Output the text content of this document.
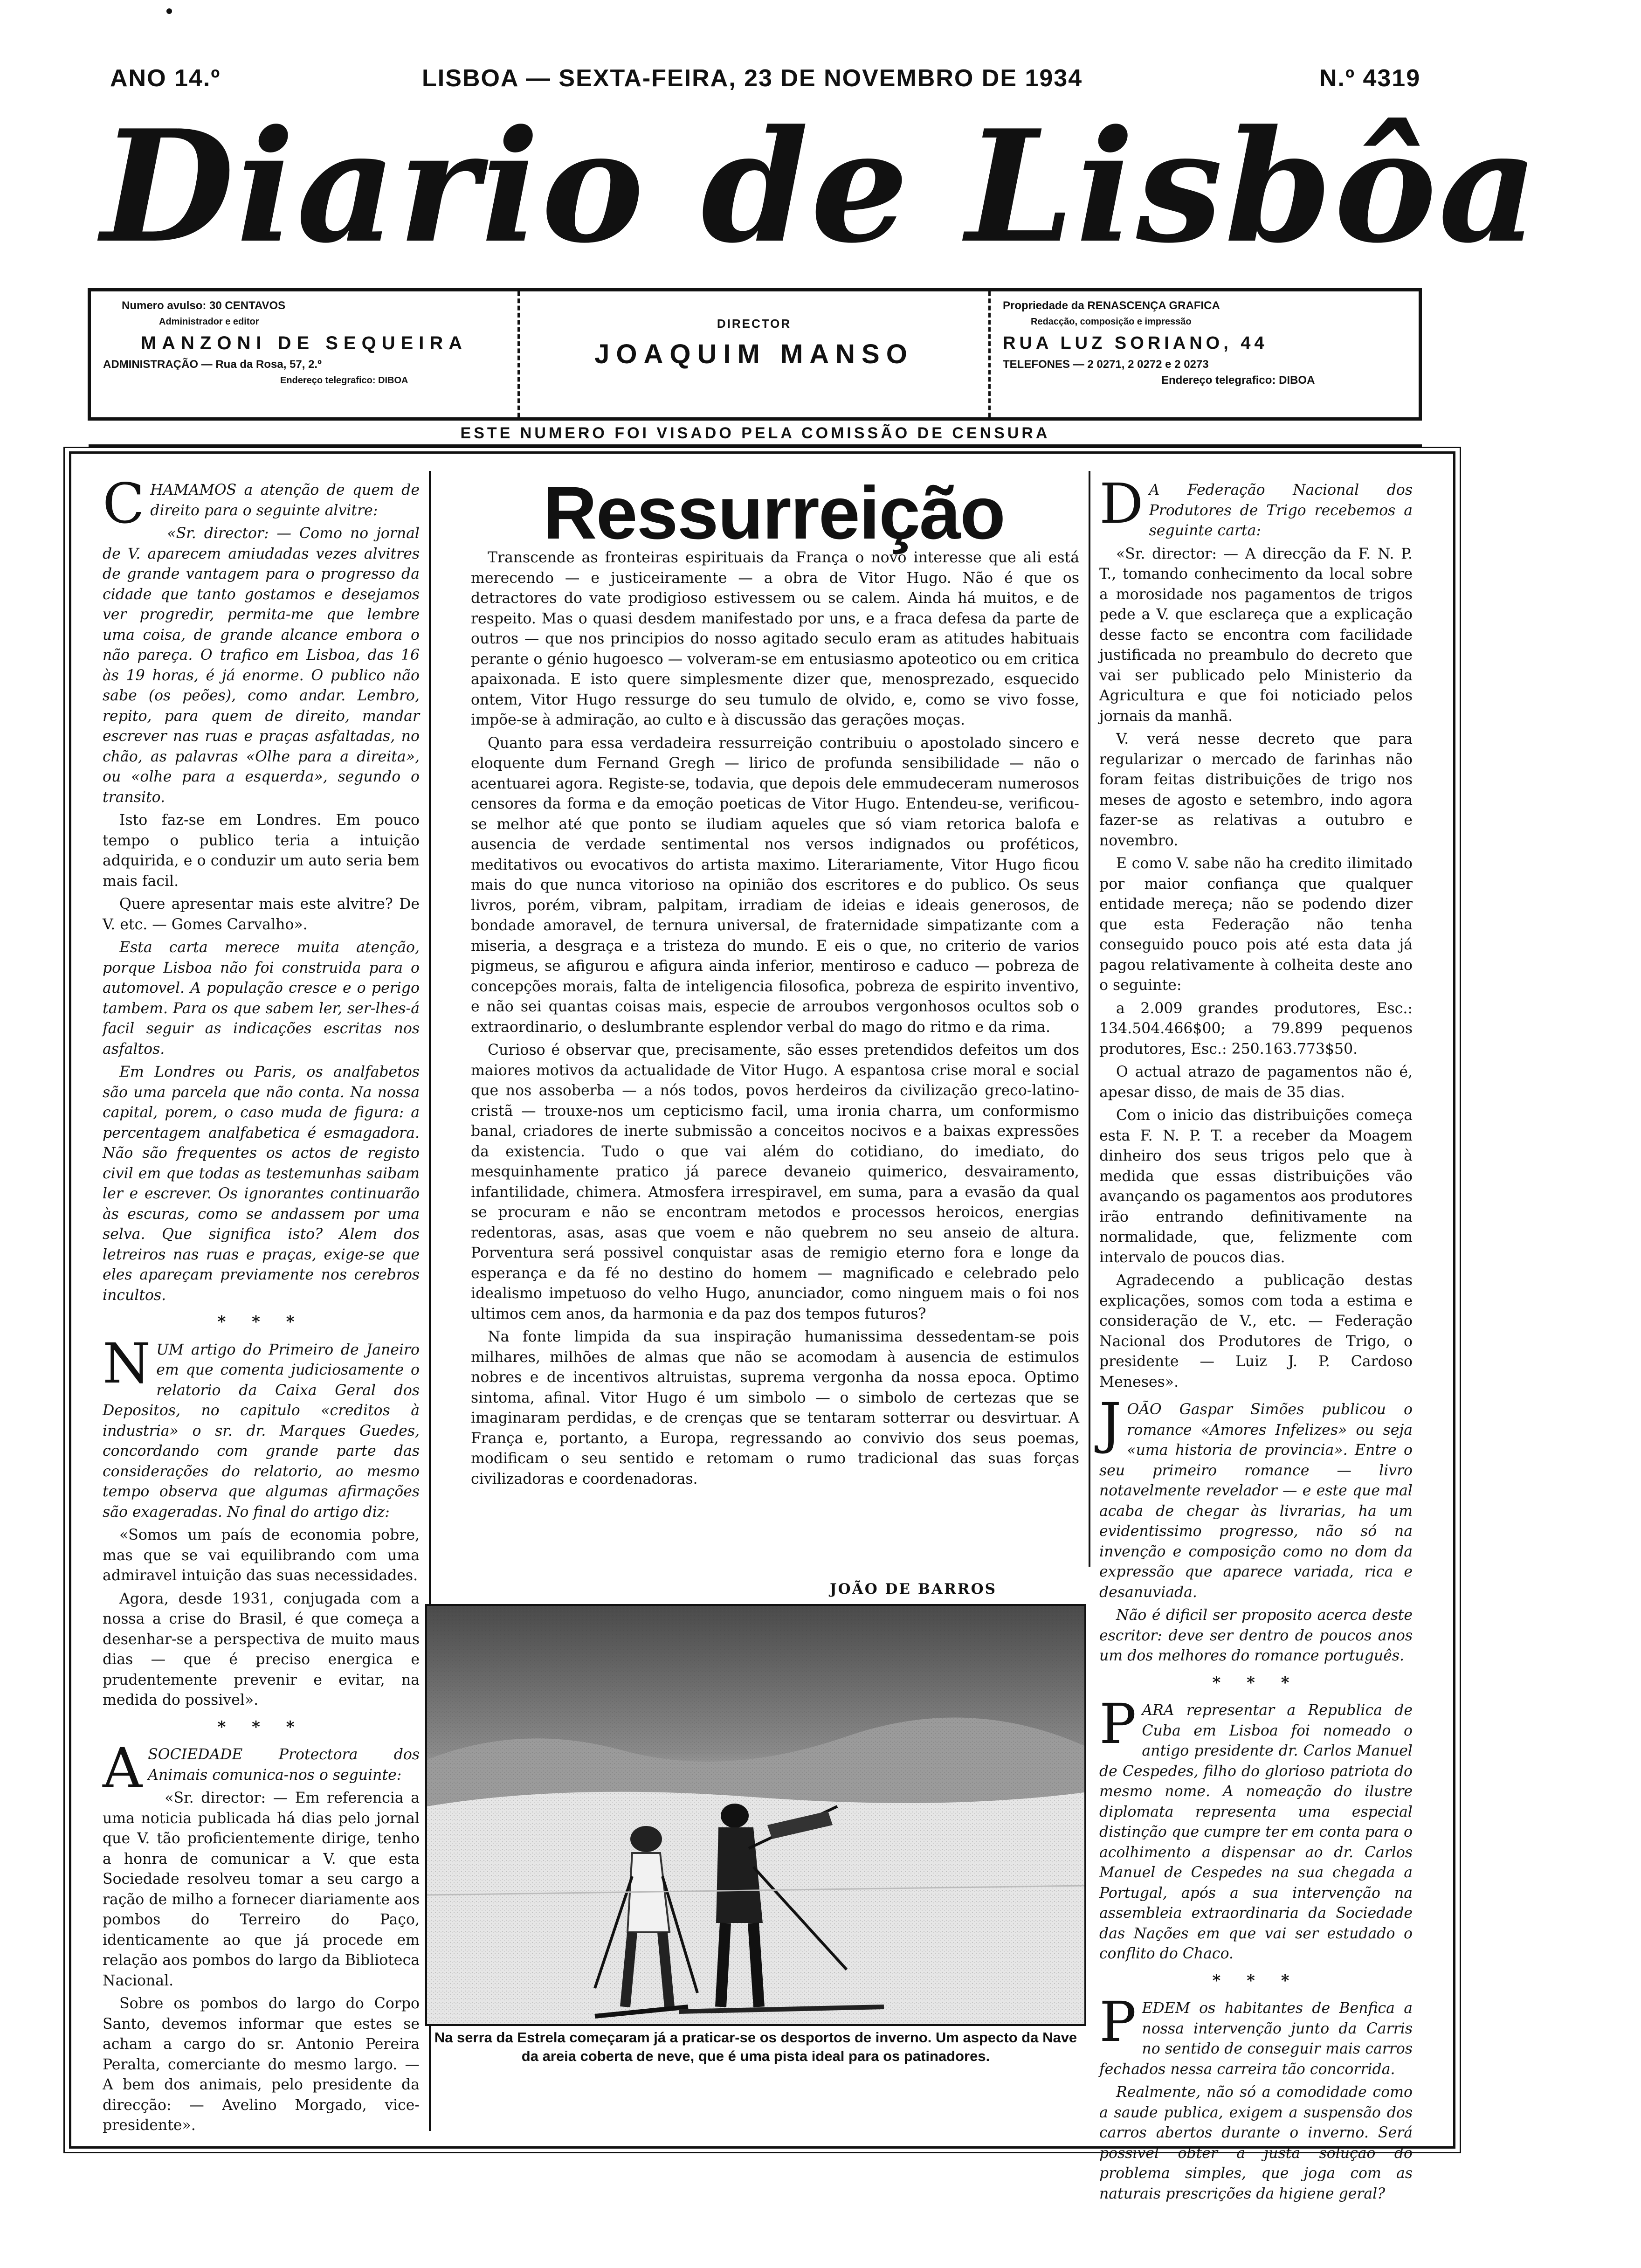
ANO 14.º	LISBOA — SEXTA-FEIRA, 23 DE NOVEMBRO DE 1934	N.º 4319
Diario de Lisbôa
Numero avulso: 30 CENTAVOS
Administrador e editor
MANZONI DE SEQUEIRA
ADMINISTRAÇÃO — Rua da Rosa, 57, 2.º
Endereço telegrafico: DIBOA
DIRECTOR
JOAQUIM MANSO
Propriedade da RENASCENÇA GRAFICA
Redacção, composição e impressão
RUA LUZ SORIANO, 44
TELEFONES — 2 0271, 2 0272 e 2 0273
Endereço telegrafico: DIBOA
ESTE NUMERO FOI VISADO PELA COMISSÃO DE CENSURA

CHAMAMOS a atenção de quem de direito para o seguinte alvitre:

«Sr. director: — Como no jornal de V. aparecem amiudadas vezes alvitres de grande vantagem para o progresso da cidade que tanto gostamos e desejamos ver progredir, permita-me que lembre uma coisa, de grande alcance embora o não pareça. O trafico em Lisboa, das 16 às 19 horas, é já enorme. O publico não sabe (os peões), como andar. Lembro, repito, para quem de direito, mandar escrever nas ruas e praças asfaltadas, no chão, as palavras «Olhe para a direita», ou «olhe para a esquerda», segundo o transito.

Isto faz-se em Londres. Em pouco tempo o publico teria a intuição adquirida, e o conduzir um auto seria bem mais facil.

Quere apresentar mais este alvitre? De V. etc. — Gomes Carvalho».

Esta carta merece muita atenção, porque Lisboa não foi construida para o automovel. A população cresce e o perigo tambem. Para os que sabem ler, ser-lhes-á facil seguir as indicações escritas nos asfaltos.

Em Londres ou Paris, os analfabetos são uma parcela que não conta. Na nossa capital, porem, o caso muda de figura: a percentagem analfabetica é esmagadora. Não são frequentes os actos de registo civil em que todas as testemunhas saibam ler e escrever. Os ignorantes continuarão às escuras, como se andassem por uma selva. Que significa isto? Alem dos letreiros nas ruas e praças, exige-se que eles apareçam previamente nos cerebros incultos.

* * *

NUM artigo do Primeiro de Janeiro em que comenta judiciosamente o relatorio da Caixa Geral dos Depositos, no capitulo «creditos à industria» o sr. dr. Marques Guedes, concordando com grande parte das considerações do relatorio, ao mesmo tempo observa que algumas afirmações são exageradas. No final do artigo diz:

«Somos um país de economia pobre, mas que se vai equilibrando com uma admiravel intuição das suas necessidades.

Agora, desde 1931, conjugada com a nossa a crise do Brasil, é que começa a desenhar-se a perspectiva de muito maus dias — que é preciso energica e prudentemente prevenir e evitar, na medida do possivel».

* * *

ASOCIEDADE Protectora dos Animais comunica-nos o seguinte:

«Sr. director: — Em referencia a uma noticia publicada há dias pelo jornal que V. tão proficientemente dirige, tenho a honra de comunicar a V. que esta Sociedade resolveu tomar a seu cargo a ração de milho a fornecer diariamente aos pombos do Terreiro do Paço, identicamente ao que já procede em relação aos pombos do largo da Biblioteca Nacional.

Sobre os pombos do largo do Corpo Santo, devemos informar que estes se acham a cargo do sr. Antonio Pereira Peralta, comerciante do mesmo largo. — A bem dos animais, pelo presidente da direcção: — Avelino Morgado, vice-presidente».

Ressurreição

Transcende as fronteiras espirituais da França o novo interesse que ali está merecendo — e justiceiramente — a obra de Vitor Hugo. Não é que os detractores do vate prodigioso estivessem ou se calem. Ainda há muitos, e de respeito. Mas o quasi desdem manifestado por uns, e a fraca defesa da parte de outros — que nos principios do nosso agitado seculo eram as atitudes habituais perante o génio hugoesco — volveram-se em entusiasmo apoteotico ou em critica apaixonada. E isto quere simplesmente dizer que, menosprezado, esquecido ontem, Vitor Hugo ressurge do seu tumulo de olvido, e, como se vivo fosse, impõe-se à admiração, ao culto e à discussão das gerações moças.

Quanto para essa verdadeira ressurreição contribuiu o apostolado sincero e eloquente dum Fernand Gregh — lirico de profunda sensibilidade — não o acentuarei agora. Registe-se, todavia, que depois dele emmudeceram numerosos censores da forma e da emoção poeticas de Vitor Hugo. Entendeu-se, verificou-se melhor até que ponto se iludiam aqueles que só viam retorica balofa e ausencia de verdade sentimental nos versos indignados ou proféticos, meditativos ou evocativos do artista maximo. Literariamente, Vitor Hugo ficou mais do que nunca vitorioso na opinião dos escritores e do publico. Os seus livros, porém, vibram, palpitam, irradiam de ideias e ideais generosos, de bondade amoravel, de ternura universal, de fraternidade simpatizante com a miseria, a desgraça e a tristeza do mundo. E eis o que, no criterio de varios pigmeus, se afigurou e afigura ainda inferior, mentiroso e caduco — pobreza de concepções morais, falta de inteligencia filosofica, pobreza de espirito inventivo, e não sei quantas coisas mais, especie de arroubos vergonhosos ocultos sob o extraordinario, o deslumbrante esplendor verbal do mago do ritmo e da rima.

Curioso é observar que, precisamente, são esses pretendidos defeitos um dos maiores motivos da actualidade de Vitor Hugo. A espantosa crise moral e social que nos assoberba — a nós todos, povos herdeiros da civilização greco-latino-cristã — trouxe-nos um cepticismo facil, uma ironia charra, um conformismo banal, criadores de inerte submissão a conceitos nocivos e a baixas expressões da existencia. Tudo o que vai além do cotidiano, do imediato, do mesquinhamente pratico já parece devaneio quimerico, desvairamento, infantilidade, chimera. Atmosfera irrespiravel, em suma, para a evasão da qual se procuram e não se encontram metodos e processos heroicos, energias redentoras, asas, asas que voem e não quebrem no seu anseio de altura. Porventura será possivel conquistar asas de remigio eterno fora e longe da esperança e da fé no destino do homem — magnificado e celebrado pelo idealismo impetuoso do velho Hugo, anunciador, como ninguem mais o foi nos ultimos cem anos, da harmonia e da paz dos tempos futuros?

Na fonte limpida da sua inspiração humanissima dessedentam-se pois milhares, milhões de almas que não se acomodam à ausencia de estimulos nobres e de incentivos altruistas, suprema vergonha da nossa epoca. Optimo sintoma, afinal. Vitor Hugo é um simbolo — o simbolo de certezas que se imaginaram perdidas, e de crenças que se tentaram sotterrar ou desvirtuar. A França e, portanto, a Europa, regressando ao convivio dos seus poemas, modificam o seu sentido e retomam o rumo tradicional das suas forças civilizadoras e coordenadoras.

JOÃO DE BARROS
Na serra da Estrela começaram já a praticar-se os desportos de inverno. Um aspecto da Nave da areia coberta de neve, que é uma pista ideal para os patinadores.

D A Federação Nacional dos Produtores de Trigo recebemos a seguinte carta:

«Sr. director: — A direcção da F. N. P. T., tomando conhecimento da local sobre a morosidade nos pagamentos de trigos pede a V. que esclareça que a explicação desse facto se encontra com facilidade justificada no preambulo do decreto que vai ser publicado pelo Ministerio da Agricultura e que foi noticiado pelos jornais da manhã.

V. verá nesse decreto que para regularizar o mercado de farinhas não foram feitas distribuições de trigo nos meses de agosto e setembro, indo agora fazer-se as relativas a outubro e novembro.

E como V. sabe não ha credito ilimitado por maior confiança que qualquer entidade mereça; não se podendo dizer que esta Federação não tenha conseguido pouco pois até esta data já pagou relativamente à colheita deste ano o seguinte:

a 2.009 grandes produtores, Esc.: 134.504.466$00; a 79.899 pequenos produtores, Esc.: 250.163.773$50.

O actual atrazo de pagamentos não é, apesar disso, de mais de 35 dias.

Com o inicio das distribuições começa esta F. N. P. T. a receber da Moagem dinheiro dos seus trigos pelo que à medida que essas distribuições vão avançando os pagamentos aos produtores irão entrando definitivamente na normalidade, que, felizmente com intervalo de poucos dias.

Agradecendo a publicação destas explicações, somos com toda a estima e consideração de V., etc. — Federação Nacional dos Produtores de Trigo, o presidente — Luiz J. P. Cardoso Meneses».

JOÃO Gaspar Simões publicou o romance «Amores Infelizes» ou seja «uma historia de provincia». Entre o seu primeiro romance — livro notavelmente revelador — e este que mal acaba de chegar às livrarias, ha um evidentissimo progresso, não só na invenção e composição como no dom da expressão que aparece variada, rica e desanuviada.

Não é dificil ser proposito acerca deste escritor: deve ser dentro de poucos anos um dos melhores do romance português.

* * *

PARA representar a Republica de Cuba em Lisboa foi nomeado o antigo presidente dr. Carlos Manuel de Cespedes, filho do glorioso patriota do mesmo nome. A nomeação do ilustre diplomata representa uma especial distinção que cumpre ter em conta para o acolhimento a dispensar ao dr. Carlos Manuel de Cespedes na sua chegada a Portugal, após a sua intervenção na assembleia extraordinaria da Sociedade das Nações em que vai ser estudado o conflito do Chaco.

* * *

PEDEM os habitantes de Benfica a nossa intervenção junto da Carris no sentido de conseguir mais carros fechados nessa carreira tão concorrida.

Realmente, não só a comodidade como a saude publica, exigem a suspensão dos carros abertos durante o inverno. Será possivel obter a justa solução do problema simples, que joga com as naturais prescrições da higiene geral?
